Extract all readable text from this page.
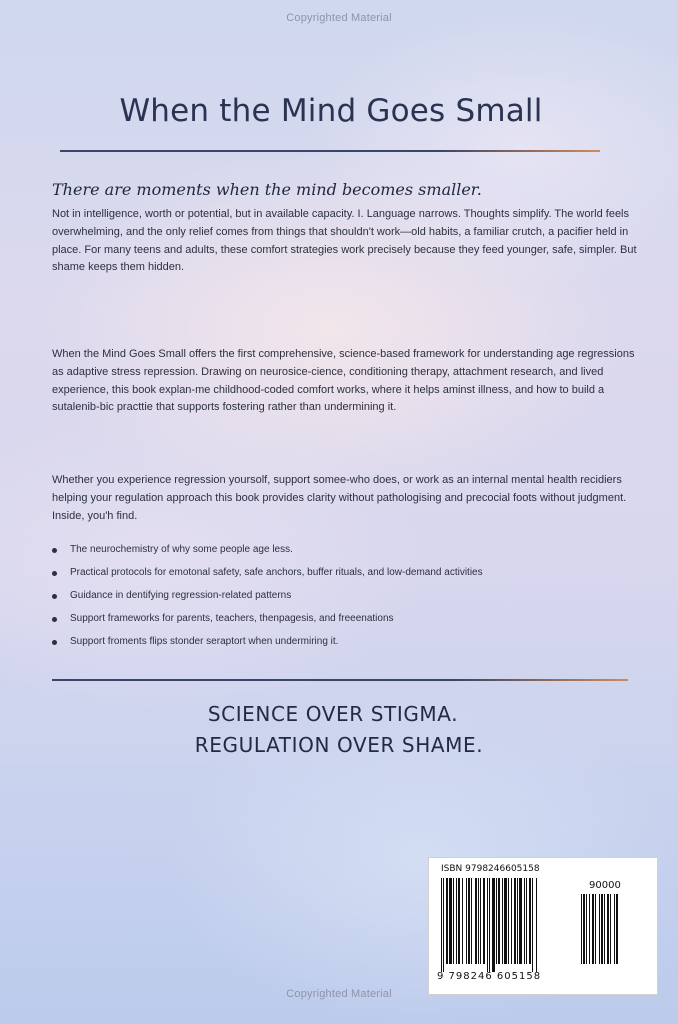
Copyrighted Material
When the Mind Goes Small
There are moments when the mind becomes smaller.
Not in intelligence, worth or potential, but in available capacity. I. Language narrows. Thoughts simplify. The world feels overwhelming, and the only relief comes from things that shouldn't work—old habits, a familiar crutch, a pacifier held in place. For many teens and adults, these comfort strategies work precisely because they feed younger, safe, simpler. But shame keeps them hidden.
When the Mind Goes Small offers the first comprehensive, science-based framework for understanding age regressions as adaptive stress repression. Drawing on neurosice-cience, conditioning therapy, attachment research, and lived experience, this book explan-me childhood-coded comfort works, where it helps aminst illness, and how to build a sutalenib-bic practtie that supports fostering rather than undermining it.
Whether you experience regression yoursolf, support somee-who does, or work as an internal mental health recidiers helping your regulation approach this book provides clarity without pathologising and precocial foots without judgment. Inside, you'h find.
The neurochemistry of why some people age less.
Practical protocols for emotonal safety, safe anchors, buffer rituals, and low-demand activities
Guidance in dentifying regression-related patterns
Support frameworks for parents, teachers, thenpagesis, and freeenations
Support froments flips stonder seraptort when undermiring it.
SCIENCE OVER STIGMA.
REGULATION OVER SHAME.
ISBN 9798246605158
90000
9 798246 605158
Copyrighted Material
